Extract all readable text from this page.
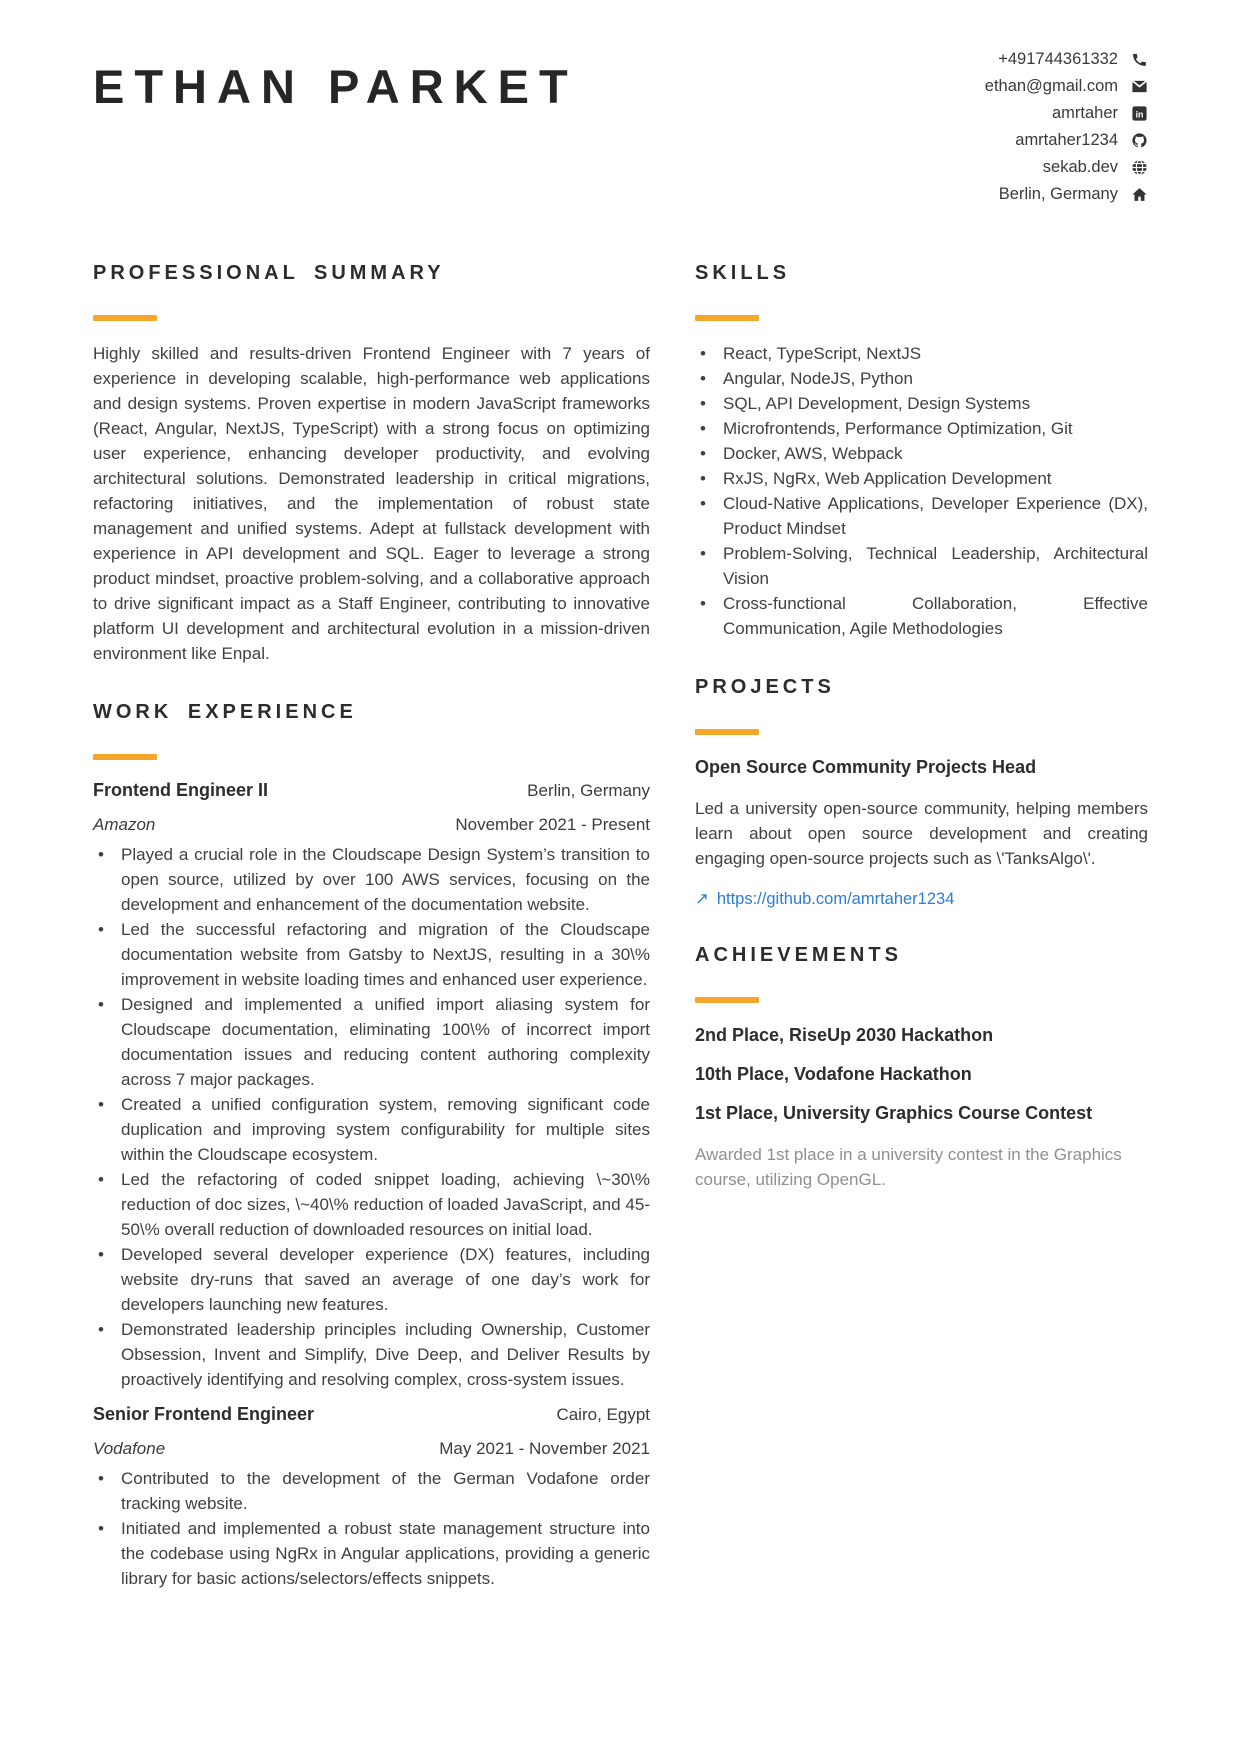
ETHAN PARKET
+491744361332
ethan@gmail.com
amrtaher in
amrtaher1234
sekab.dev
Berlin, Germany
PROFESSIONAL SUMMARY

Highly skilled and results-driven Frontend Engineer with 7 years of experience in developing scalable, high-performance web applications and design systems. Proven expertise in modern JavaScript frameworks (React, Angular, NextJS, TypeScript) with a strong focus on optimizing user experience, enhancing developer productivity, and evolving architectural solutions. Demonstrated leadership in critical migrations, refactoring initiatives, and the implementation of robust state management and unified systems. Adept at fullstack development with experience in API development and SQL. Eager to leverage a strong product mindset, proactive problem-solving, and a collaborative approach to drive significant impact as a Staff Engineer, contributing to innovative platform UI development and architectural evolution in a mission-driven environment like Enpal.

WORK EXPERIENCE
Frontend Engineer II	Berlin, Germany
Amazon	November 2021 - Present
• Played a crucial role in the Cloudscape Design System’s transition to open source, utilized by over 100 AWS services, focusing on the development and enhancement of the documentation website.
• Led the successful refactoring and migration of the Cloudscape documentation website from Gatsby to NextJS, resulting in a 30\% improvement in website loading times and enhanced user experience.
• Designed and implemented a unified import aliasing system for Cloudscape documentation, eliminating 100\% of incorrect import documentation issues and reducing content authoring complexity across 7 major packages.
• Created a unified configuration system, removing significant code duplication and improving system configurability for multiple sites within the Cloudscape ecosystem.
• Led the refactoring of coded snippet loading, achieving \~30\% reduction of doc sizes, \~40\% reduction of loaded JavaScript, and 45-50\% overall reduction of downloaded resources on initial load.
• Developed several developer experience (DX) features, including website dry-runs that saved an average of one day’s work for developers launching new features.
• Demonstrated leadership principles including Ownership, Customer Obsession, Invent and Simplify, Dive Deep, and Deliver Results by proactively identifying and resolving complex, cross-system issues.
Senior Frontend Engineer	Cairo, Egypt
Vodafone	May 2021 - November 2021
• Contributed to the development of the German Vodafone order tracking website.
• Initiated and implemented a robust state management structure into the codebase using NgRx in Angular applications, providing a generic library for basic actions/selectors/effects snippets.
SKILLS
• React, TypeScript, NextJS
• Angular, NodeJS, Python
• SQL, API Development, Design Systems
• Microfrontends, Performance Optimization, Git
• Docker, AWS, Webpack
• RxJS, NgRx, Web Application Development
• Cloud-Native Applications, Developer Experience (DX), Product Mindset
• Problem-Solving, Technical Leadership, Architectural Vision
• Cross-functional Collaboration, Effective Communication, Agile Methodologies
PROJECTS

Open Source Community Projects Head

Led a university open-source community, helping members learn about open source development and creating engaging open-source projects such as \'TanksAlgo\'.

↗ https://github.com/amrtaher1234
ACHIEVEMENTS

2nd Place, RiseUp 2030 Hackathon

10th Place, Vodafone Hackathon

1st Place, University Graphics Course Contest

Awarded 1st place in a university contest in the Graphics course, utilizing OpenGL.
